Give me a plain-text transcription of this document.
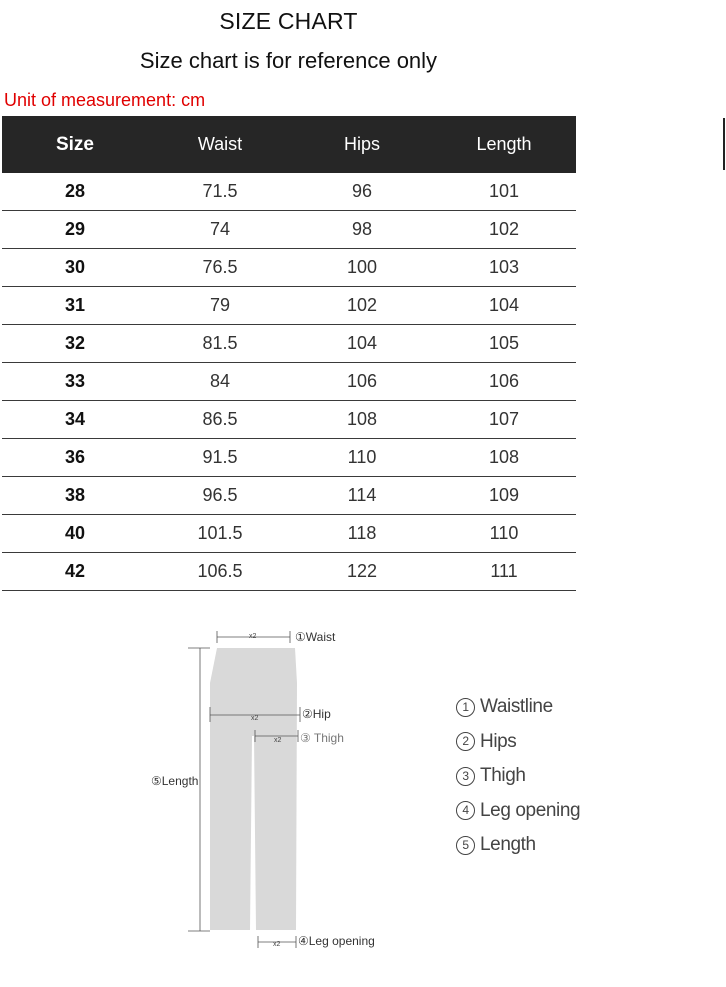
SIZE CHART
Size chart is for reference only
Unit of measurement: cm
Size	Waist	Hips	Length
28	71.5	96	101
29	74	98	102
30	76.5	100	103
31	79	102	104
32	81.5	104	105
33	84	106	106
34	86.5	108	107
36	91.5	110	108
38	96.5	114	109
40	101.5	118	110
42	106.5	122	111
x2	①Waist
x2	②Hip
x2 ③ Thigh
⑤Length
x2 ④Leg opening
1 Waistline
2 Hips
3 Thigh
4 Leg opening
5 Length
